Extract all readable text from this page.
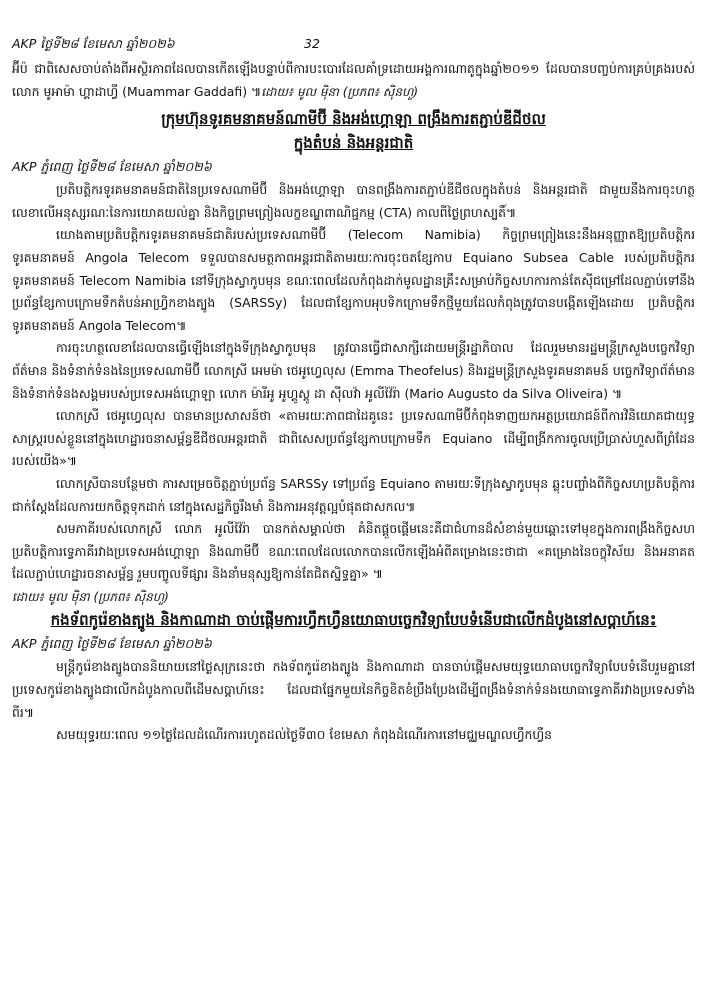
AKP ថ្ងៃទី២៨ ខែមេសា ឆ្នាំ២០២៦	32

អ៊ីប៉ ជាពិសេសចាប់តាំងពីអស្ថិរភាពដែលបានកើតឡើងបន្ទាប់ពីការបះបោរដែលគាំទ្រដោយអង្គការណាតូក្នុងឆ្នាំ២០១១ ដែលបានបញ្ចប់ការគ្រប់គ្រងរបស់ លោក មូអាម៉ា ហ្គាដាហ្វី (Muammar Gaddafi) ៕ដោយ៖ មូល ម៉ិនា (ប្រភព៖ ស៊ិនហួ)

ក្រុមហ៊ុនទូរគមនាគមន៍ណាមីប៊ី និងអង់ហ្គោឡា ពង្រឹងការតភ្ជាប់ឌីជីថល
ក្នុងតំបន់ និងអន្តរជាតិ

AKP ភ្នំពេញ ថ្ងៃទី២៨ ខែមេសា ឆ្នាំ២០២៦

ប្រតិបត្តិករទូរគមនាគមន៍ជាតិនៃប្រទេសណាមីប៊ី និងអង់ហ្គោឡា បានពង្រឹងការតភ្ជាប់ឌីជីថលក្នុងតំបន់ និងអន្តរជាតិ ជាមួយនឹងការចុះហត្ថលេខាលើអនុស្សរណៈនៃការយោគយល់គ្នា និងកិច្ចព្រមព្រៀងលក្ខខណ្ឌពាណិជ្ជកម្ម (CTA) កាលពីថ្ងៃព្រហស្បតិ៍៕

យោងតាមប្រតិបត្តិករទូរគមនាគមន៍ជាតិរបស់ប្រទេសណាមីប៊ី (Telecom Namibia) កិច្ចព្រមព្រៀងនេះនឹងអនុញ្ញាតឱ្យប្រតិបត្តិករទូរគមនាគមន៍ Angola Telecom ទទួលបានសមត្ថភាពអន្តរជាតិតាមរយៈការចុះចតខ្សែកាប Equiano Subsea Cable របស់ប្រតិបត្តិករទូរគមនាគមន៍ Telecom Namibia នៅទីក្រុងស្វាកូបមុន ខណៈពេលដែលកំពុងដាក់មូលដ្ឋានគ្រឹះសម្រាប់កិច្ចសហការកាន់តែស៊ីជម្រៅដែលភ្ជាប់ទៅនឹងប្រព័ន្ធខ្សែកាបក្រោមទឹកតំបន់អាហ្វ្រិកខាងត្បូង (SARSSy) ដែលជាខ្សែកាបអុបទិកក្រោមទឹកថ្មីមួយដែលកំពុងត្រូវបានបង្កើតឡើងដោយ ប្រតិបត្តិករទូរគមនាគមន៍ Angola Telecom៕

ការចុះហត្ថលេខាដែលបានធ្វើឡើងនៅក្នុងទីក្រុងស្វាកូបមុន ត្រូវបានធ្វើជាសាក្សីដោយមន្ត្រីរដ្ឋាភិបាល ដែលរួមមានរដ្ឋមន្ត្រីក្រសួងបច្ចេកវិទ្យាព័ត៌មាន និងទំនាក់ទំនងនៃប្រទេសណាមីប៊ី លោកស្រី អេមម៉ា ថេអូហ្វេលុស (Emma Theofelus) និងរដ្ឋមន្ត្រីក្រសួងទូរគមនាគមន៍ បច្ចេកវិទ្យាព័ត៌មាន និងទំនាក់ទំនងសង្គមរបស់ប្រទេសអង់ហ្គោឡា លោក ម៉ារីអូ អូហ្គូស្តូ ដា ស៊ីលវ៉ា អូលីវ៉ៃរ៉ា (Mario Augusto da Silva Oliveira) ៕

លោកស្រី ថេអូហ្វេលុស បានមានប្រសាសន៍ថា «តាមរយៈភាពជាដៃគូនេះ ប្រទេសណាមីប៊ីកំពុងទាញយកអត្ថប្រយោជន៍ពីការវិនិយោគជាយុទ្ធសាស្ត្ររបស់ខ្លួននៅក្នុងហេដ្ឋារចនាសម្ព័ន្ធឌីជីថលអន្តរជាតិ ជាពិសេសប្រព័ន្ធខ្សែកាបក្រោមទឹក Equiano ដើម្បីពង្រីកការចូលប្រើប្រាស់ហួសពីព្រំដែនរបស់យើង»៕

លោកស្រីបានបន្ថែមថា ការសម្រេចចិត្តភ្ជាប់ប្រព័ន្ធ SARSSy ទៅប្រព័ន្ធ Equiano តាមរយៈទីក្រុងស្វាកូបមុន ឆ្លុះបញ្ចាំងពីកិច្ចសហប្រតិបត្តិការជាក់ស្តែងដែលការយកចិត្តទុកដាក់ នៅក្នុងសេដ្ឋកិច្ចរឹងមាំ និងការអនុវត្តល្អបំផុតជាសកល៕

សមភាគីរបស់លោកស្រី លោក អូលីវ៉ៃរ៉ា បានកត់សម្គាល់ថា គំនិតផ្តួចផ្តើមនេះគឺជាជំហានដ៏សំខាន់មួយឆ្ពោះទៅមុខក្នុងការពង្រឹងកិច្ចសហប្រតិបត្តិការទ្វេភាគីរវាងប្រទេសអង់ហ្គោឡា និងណាមីប៊ី ខណៈពេលដែលលោកបានលើកឡើងអំពីគម្រោងនេះថាជា «គម្រោងនៃចក្ខុវិស័យ និងអនាគត ដែលភ្ជាប់ហេដ្ឋារចនាសម្ព័ន្ធ រួមបញ្ចូលទីផ្សារ និងនាំមនុស្សឱ្យកាន់តែជិតស្និទ្ធគ្នា» ៕

ដោយ៖ មូល ម៉ិនា (ប្រភព៖ ស៊ិនហួ)

កងទ័ពកូរ៉េខាងត្បូង និងកាណាដា ចាប់ផ្តើមការហ្វឹកហ្វឺនយោធាបច្ចេកវិទ្យាបែបទំនើបជាលើកដំបូងនៅសប្តាហ៍នេះ

AKP ភ្នំពេញ ថ្ងៃទី២៨ ខែមេសា ឆ្នាំ២០២៦

មន្ត្រីកូរ៉េខាងត្បូងបាននិយាយនៅថ្ងៃសុក្រនេះថា កងទ័ពកូរ៉េខាងត្បូង និងកាណាដា បានចាប់ផ្តើមសមយុទ្ធយោធាបច្ចេកវិទ្យាបែបទំនើបរួមគ្នានៅប្រទេសកូរ៉េខាងត្បូងជាលើកដំបូងកាលពីដើមសប្តាហ៍នេះ ដែលជាផ្នែកមួយនៃកិច្ចខិតខំប្រឹងប្រែងដើម្បីពង្រឹងទំនាក់ទំនងយោធាទ្វេភាគីរវាងប្រទេសទាំងពីរ៕

សមយុទ្ធរយៈពេល ១១ថ្ងៃដែលដំណើរការរហូតដល់ថ្ងៃទី៣០ ខែមេសា កំពុងដំណើរការនៅមជ្ឈមណ្ឌលហ្វឹកហ្វឺន
